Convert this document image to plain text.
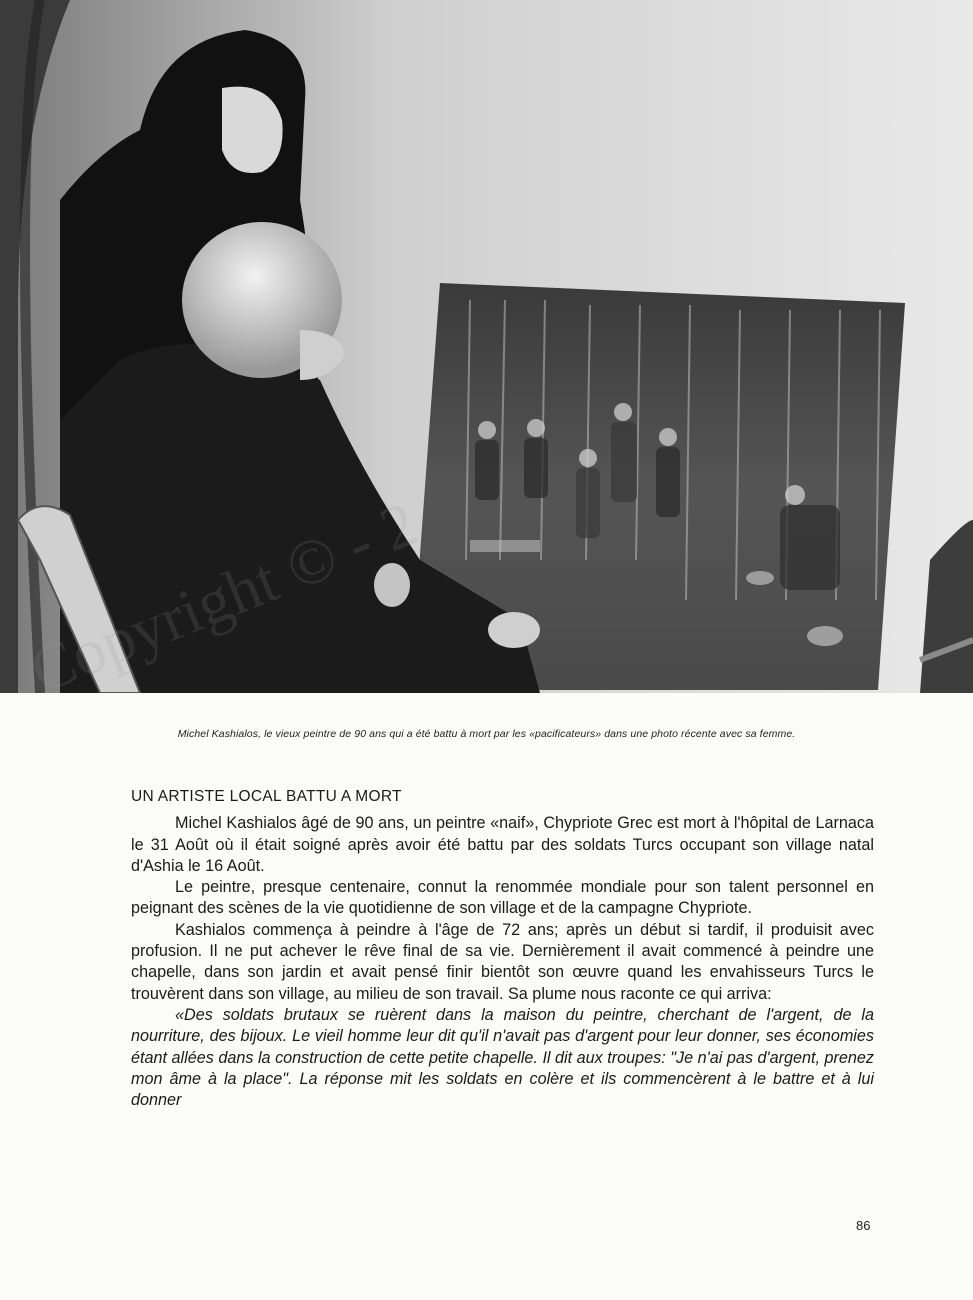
Michel Kashialos, le vieux peintre de 90 ans qui a été battu à mort par les «pacificateurs» dans une photo récente avec sa femme.
UN ARTISTE LOCAL BATTU A MORT

Michel Kashialos âgé de 90 ans, un peintre «naif», Chypriote Grec est mort à l'hôpital de Larnaca le 31 Août où il était soigné après avoir été battu par des soldats Turcs occupant son village natal d'Ashia le 16 Août.

Le peintre, presque centenaire, connut la renommée mondiale pour son talent personnel en peignant des scènes de la vie quotidienne de son village et de la campagne Chypriote.

Kashialos commença à peindre à l'âge de 72 ans; après un début si tardif, il produisit avec profusion. Il ne put achever le rêve final de sa vie. Dernièrement il avait commencé à peindre une chapelle, dans son jardin et avait pensé finir bientôt son œuvre quand les envahisseurs Turcs le trouvèrent dans son village, au milieu de son travail. Sa plume nous raconte ce qui arriva:

«Des soldats brutaux se ruèrent dans la maison du peintre, cherchant de l'argent, de la nourriture, des bijoux. Le vieil homme leur dit qu'il n'avait pas d'argent pour leur donner, ses économies étant allées dans la construction de cette petite chapelle. Il dit aux troupes: "Je n'ai pas d'argent, prenez mon âme à la place". La réponse mit les soldats en colère et ils commencèrent à le battre et à lui donner

86
